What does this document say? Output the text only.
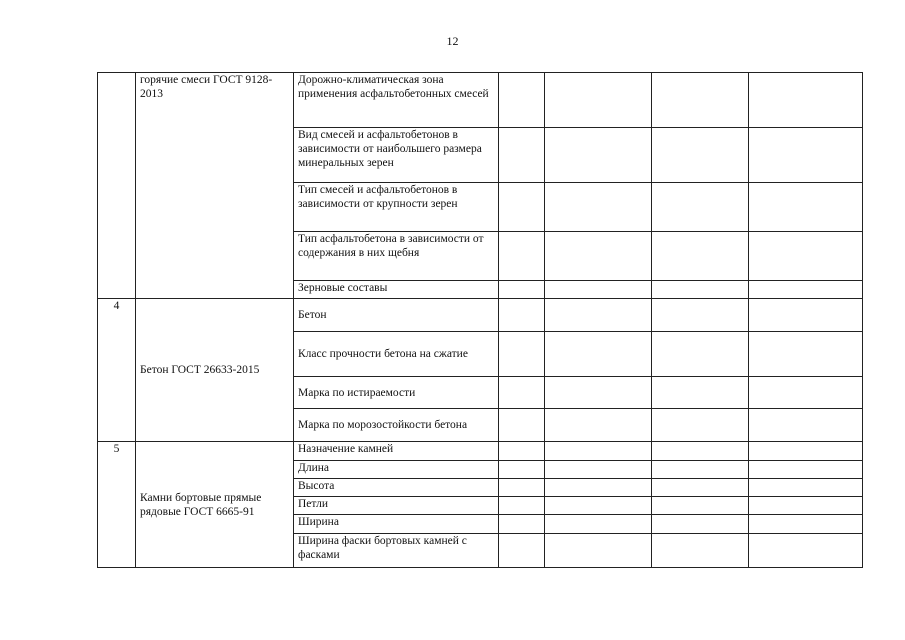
12
	горячие смеси ГОСТ 9128-2013	Дорожно-климатическая зона применения асфальтобетонных смесей				
		Вид смесей и асфальтобетонов в зависимости от наибольшего размера минеральных зерен				
		Тип смесей и асфальтобетонов в зависимости от крупности зерен				
		Тип асфальтобетона в зависимости от содержания в них щебня				
		Зерновые составы				
4	Бетон ГОСТ 26633-2015	Бетон				
		Класс прочности бетона на сжатие				
		Марка по истираемости				
		Марка по морозостойкости бетона				
5	Камни бортовые прямые рядовые ГОСТ 6665-91	Назначение камней				
		Длина				
		Высота				
		Петли				
		Ширина				
		Ширина фаски бортовых камней с фасками				
